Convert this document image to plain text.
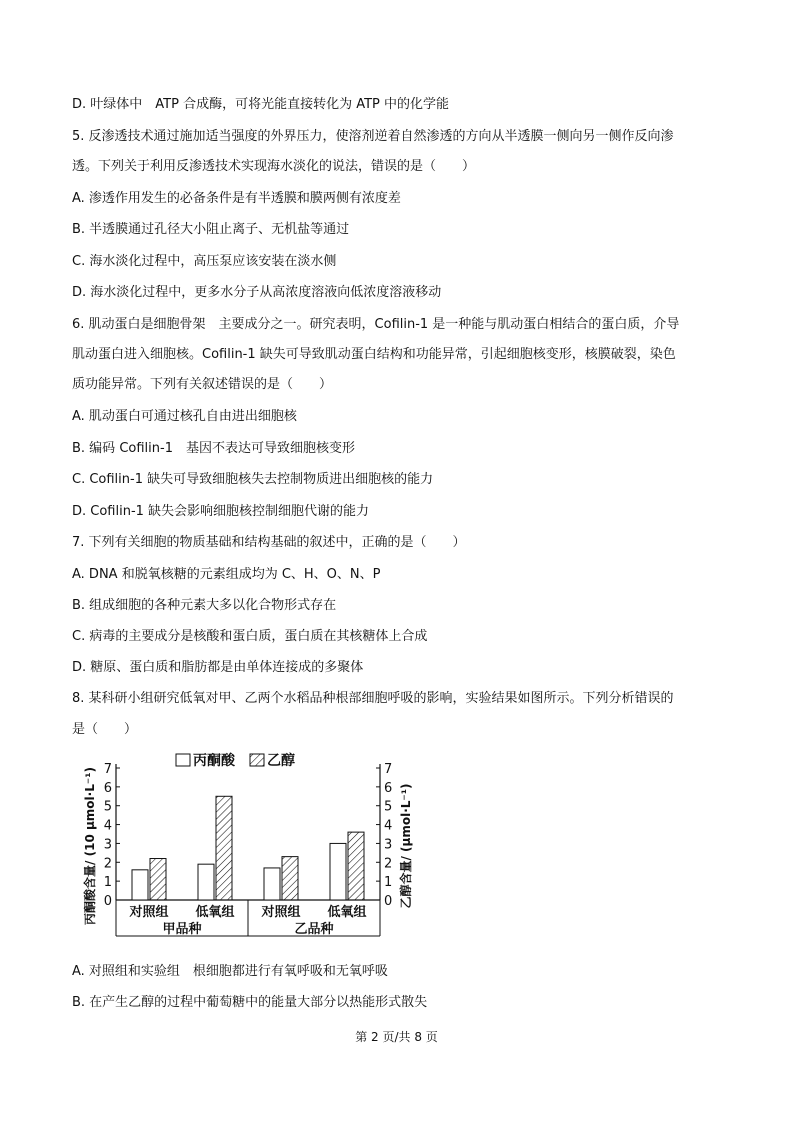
D. 叶绿体中　ATP 合成酶，可将光能直接转化为 ATP 中的化学能
5. 反渗透技术通过施加适当强度的外界压力，使溶剂逆着自然渗透的方向从半透膜一侧向另一侧作反向渗
透。下列关于利用反渗透技术实现海水淡化的说法，错误的是（　　）
A. 渗透作用发生的必备条件是有半透膜和膜两侧有浓度差
B. 半透膜通过孔径大小阻止离子、无机盐等通过
C. 海水淡化过程中，高压泵应该安装在淡水侧
D. 海水淡化过程中，更多水分子从高浓度溶液向低浓度溶液移动
6. 肌动蛋白是细胞骨架　主要成分之一。研究表明，Cofilin-1 是一种能与肌动蛋白相结合的蛋白质，介导
肌动蛋白进入细胞核。Cofilin-1 缺失可导致肌动蛋白结构和功能异常，引起细胞核变形，核膜破裂，染色
质功能异常。下列有关叙述错误的是（　　）
A. 肌动蛋白可通过核孔自由进出细胞核
B. 编码 Cofilin-1　基因不表达可导致细胞核变形
C. Cofilin-1 缺失可导致细胞核失去控制物质进出细胞核的能力
D. Cofilin-1 缺失会影响细胞核控制细胞代谢的能力
7. 下列有关细胞的物质基础和结构基础的叙述中，正确的是（　　）
A. DNA 和脱氧核糖的元素组成均为 C、H、O、N、P
B. 组成细胞的各种元素大多以化合物形式存在
C. 病毒的主要成分是核酸和蛋白质，蛋白质在其核糖体上合成
D. 糖原、蛋白质和脂肪都是由单体连接成的多聚体
8. 某科研小组研究低氧对甲、乙两个水稻品种根部细胞呼吸的影响，实验结果如图所示。下列分析错误的
是（　　）
A. 对照组和实验组　根细胞都进行有氧呼吸和无氧呼吸
B. 在产生乙醇的过程中葡萄糖中的能量大部分以热能形式散失
0	0
1	1
2	2
3	3
4	4
5	5
6	6
7	7
对照组 低氧组 对照组 低氧组
甲品种	乙品种
丙酮酸 乙醇
丙酮酸含量/ (10 μmol·L⁻¹)	乙醇含量/ (μmol·L⁻¹)
第 2 页/共 8 页
